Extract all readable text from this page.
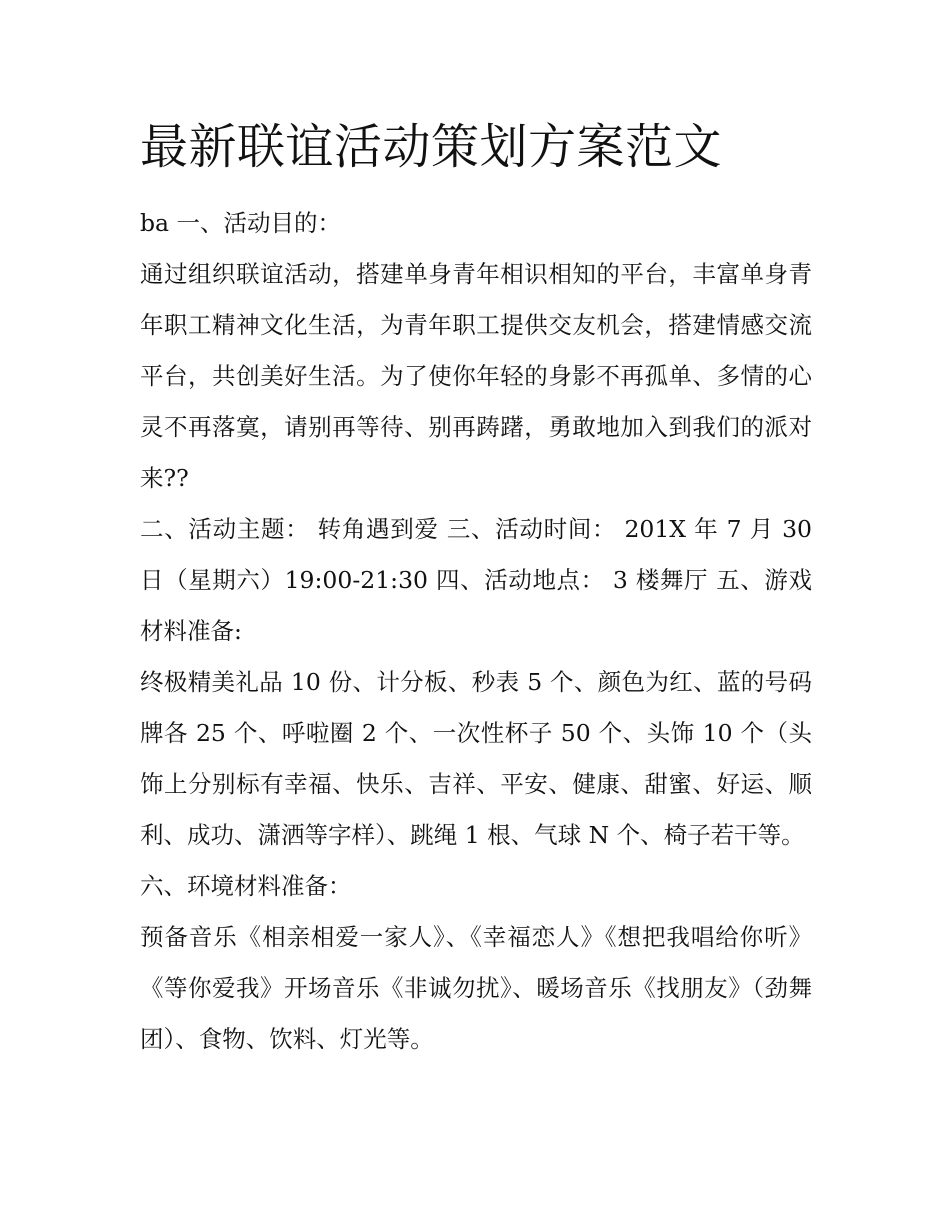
最新联谊活动策划方案范文

ba 一、活动目的：

通过组织联谊活动，搭建单身青年相识相知的平台，丰富单身青年职工精神文化生活，为青年职工提供交友机会，搭建情感交流平台，共创美好生活。为了使你年轻的身影不再孤单、多情的心灵不再落寞，请别再等待、别再踌躇，勇敢地加入到我们的派对来??

二、活动主题： 转角遇到爱 三、活动时间： 201X 年 7 月 30 日（星期六）19:00-21:30 四、活动地点： 3 楼舞厅 五、游戏材料准备:

终极精美礼品 10 份、计分板、秒表 5 个、颜色为红、蓝的号码牌各 25 个、呼啦圈 2 个、一次性杯子 50 个、头饰 10 个（头饰上分别标有幸福、快乐、吉祥、平安、健康、甜蜜、好运、顺利、成功、潇洒等字样）、跳绳 1 根、气球 N 个、椅子若干等。

六、环境材料准备：

预备音乐《相亲相爱一家人》、《幸福恋人》《想把我唱给你听》《等你爱我》开场音乐《非诚勿扰》、暖场音乐《找朋友》（劲舞团）、食物、饮料、灯光等。
